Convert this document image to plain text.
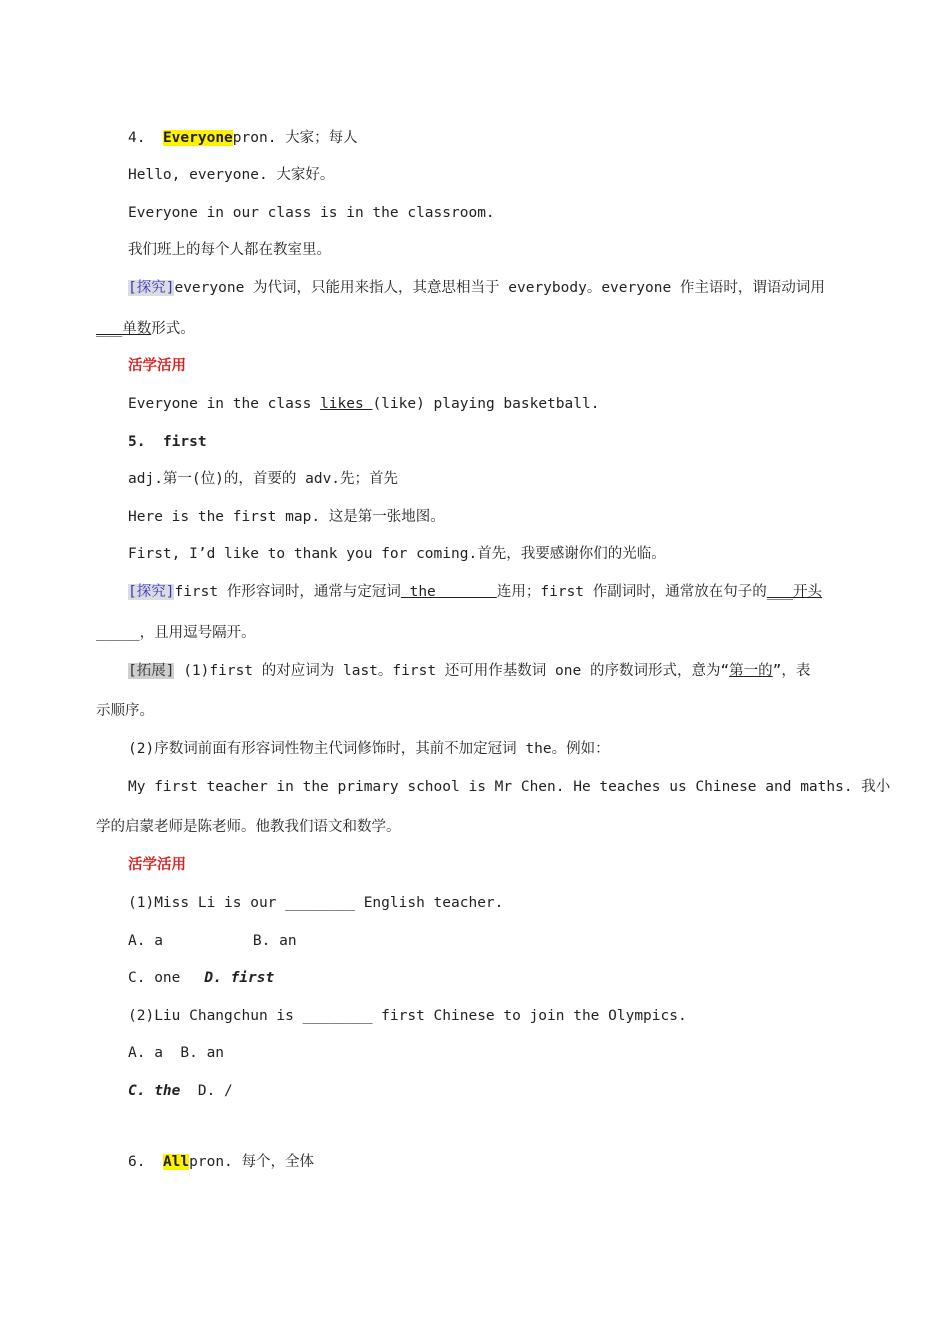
4. Everyonepron. 大家；每人
Hello, everyone. 大家好。
Everyone in our class is in the classroom.
我们班上的每个人都在教室里。
[探究]everyone 为代词，只能用来指人，其意思相当于 everybody。everyone 作主语时，谓语动词用
___单数形式。
活学活用
Everyone in the class likes (like) playing basketball.
5. first
adj.第一(位)的，首要的 adv.先；首先
Here is the first map. 这是第一张地图。
First, I’d like to thank you for coming.首先，我要感谢你们的光临。
[探究]first 作形容词时，通常与定冠词 the       连用；first 作副词时，通常放在句子的___开头
_____，且用逗号隔开。
[拓展] (1)first 的对应词为 last。first 还可用作基数词 one 的序数词形式，意为“第一的”，表
示顺序。
(2)序数词前面有形容词性物主代词修饰时，其前不加定冠词 the。例如：
My first teacher in the primary school is Mr Chen. He teaches us Chinese and maths. 我小
学的启蒙老师是陈老师。他教我们语文和数学。
活学活用
(1)Miss Li is our ________ English teacher.
A. a	B. an
C. one D. first
(2)Liu Changchun is ________ first Chinese to join the Olympics.
A. a B. an
C. the D. /
6. Allpron. 每个，全体
